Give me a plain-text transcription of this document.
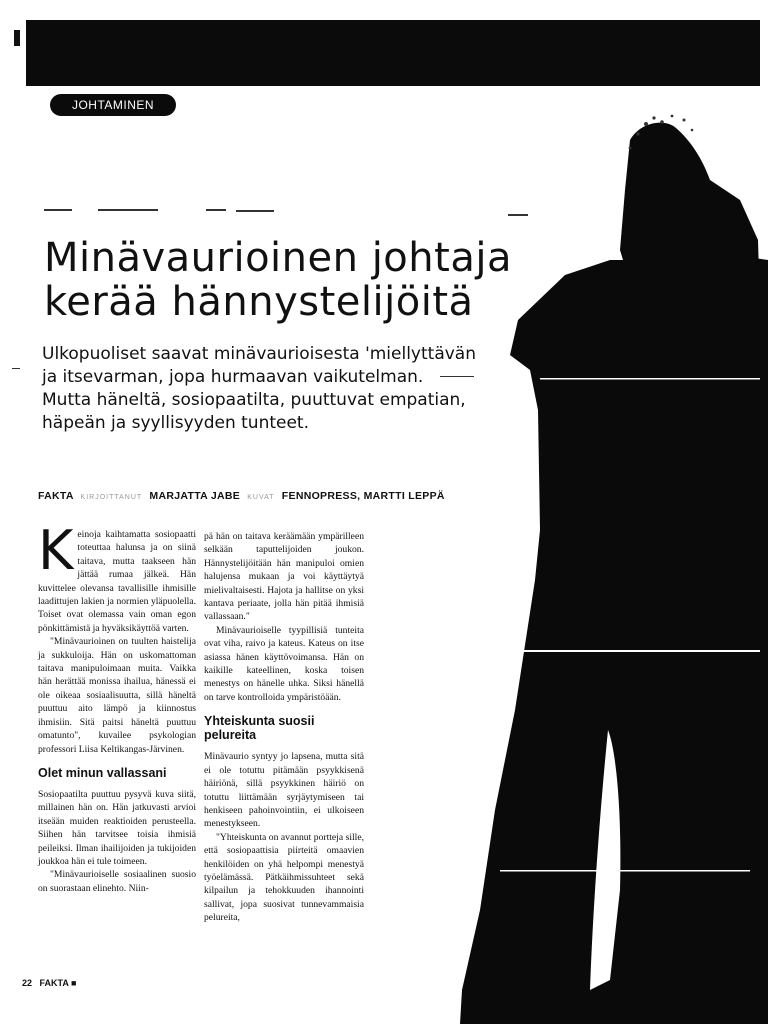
JOHTAMINEN
Minävaurioinen johtaja
kerää hännystelijöitä

Ulkopuoliset saavat minävaurioisesta 'miellyttävän ja itsevarman, jopa hurmaavan vaikutelman.

Mutta häneltä, sosiopaatilta, puuttuvat empatian, häpeän ja syyllisyyden tunteet.

FAKTA KIRJOITTANUT MARJATTA JABE KUVAT FENNOPRESS, MARTTI LEPPÄ

Keinoja kaihtamatta sosiopaatti toteuttaa halunsa ja on siinä taitava, mutta taakseen hän jättää rumaa jälkeä. Hän kuvittelee olevansa tavallisille ihmisille laadittujen lakien ja normien yläpuolella. Toiset ovat olemassa vain oman egon pönkittämistä ja hyväksikäyttöä varten.

"Minävaurioinen on tuulten haistelija ja sukkuloija. Hän on uskomattoman taitava manipuloimaan muita. Vaikka hän herättää monissa ihailua, hänessä ei ole oikeaa sosiaalisuutta, sillä häneltä puuttuu aito lämpö ja kiinnostus ihmisiin. Sitä paitsi häneltä puuttuu omatunto", kuvailee psykologian professori Liisa Keltikangas-Järvinen.

Olet minun vallassani

Sosiopaatilta puuttuu pysyvä kuva siitä, millainen hän on. Hän jatkuvasti arvioi itseään muiden reaktioiden perusteella. Siihen hän tarvitsee toisia ihmisiä peileiksi. Ilman ihailijoiden ja tukijoiden joukkoa hän ei tule toimeen.

"Minävaurioiselle sosiaalinen suosio on suorastaan elinehto. Niin-

pä hän on taitava keräämään ympärilleen selkään taputtelijoiden joukon. Hännystelijöitään hän manipuloi omien halujensa mukaan ja voi käyttäytyä mielivaltaisesti. Hajota ja hallitse on yksi kantava periaate, jolla hän pitää ihmisiä vallassaan."

Minävaurioiselle tyypillisiä tunteita ovat viha, raivo ja kateus. Kateus on itse asiassa hänen käyttövoimansa. Hän on kaikille kateellinen, koska toisen menestys on hänelle uhka. Siksi hänellä on tarve kontrolloida ympäristöään.

Yhteiskunta suosii pelureita

Minävaurio syntyy jo lapsena, mutta sitä ei ole totuttu pitämään psyykkisenä häiriönä, sillä psyykkinen häiriö on totuttu liittämään syrjäytymiseen tai henkiseen pahoinvointiin, ei ulkoiseen menestykseen.

"Yhteiskunta on avannut portteja sille, että sosiopaattisia piirteitä omaavien henkilöiden on yhä helpompi menestyä työelämässä. Pätkäihmissuhteet sekä kilpailun ja tehokkuuden ihannointi sallivat, jopa suosivat tunnevammaisia pelureita,

22 FAKTA ■
